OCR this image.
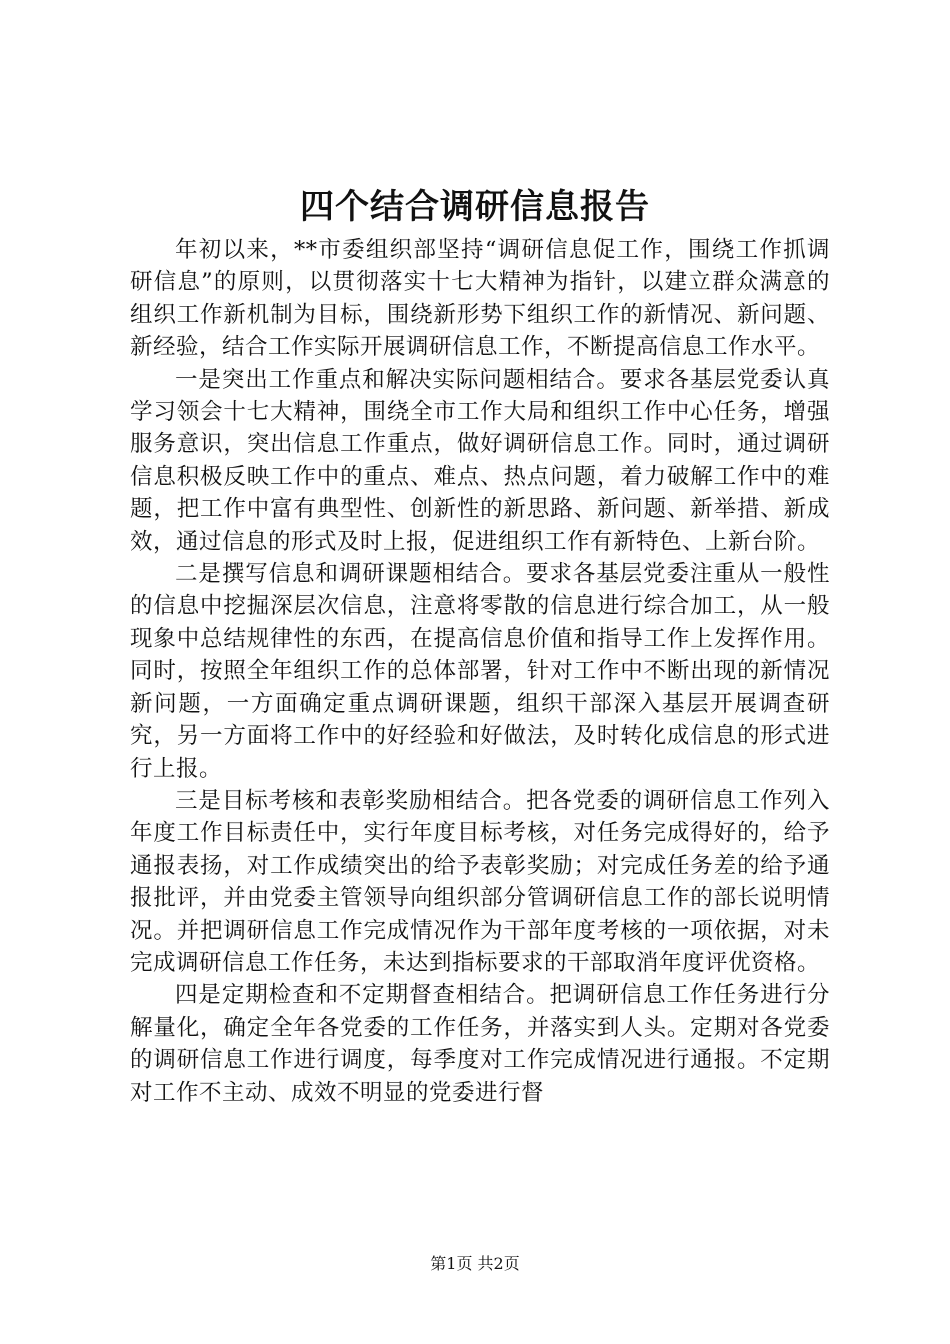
四个结合调研信息报告

年初以来，**市委组织部坚持“调研信息促工作，围绕工作抓调研信息”的原则，以贯彻落实十七大精神为指针，以建立群众满意的组织工作新机制为目标，围绕新形势下组织工作的新情况、新问题、新经验，结合工作实际开展调研信息工作，不断提高信息工作水平。

一是突出工作重点和解决实际问题相结合。要求各基层党委认真学习领会十七大精神，围绕全市工作大局和组织工作中心任务，增强服务意识，突出信息工作重点，做好调研信息工作。同时，通过调研信息积极反映工作中的重点、难点、热点问题，着力破解工作中的难题，把工作中富有典型性、创新性的新思路、新问题、新举措、新成效，通过信息的形式及时上报，促进组织工作有新特色、上新台阶。

二是撰写信息和调研课题相结合。要求各基层党委注重从一般性的信息中挖掘深层次信息，注意将零散的信息进行综合加工，从一般现象中总结规律性的东西，在提高信息价值和指导工作上发挥作用。同时，按照全年组织工作的总体部署，针对工作中不断出现的新情况新问题，一方面确定重点调研课题，组织干部深入基层开展调查研究，另一方面将工作中的好经验和好做法，及时转化成信息的形式进行上报。

三是目标考核和表彰奖励相结合。把各党委的调研信息工作列入年度工作目标责任中，实行年度目标考核，对任务完成得好的，给予通报表扬，对工作成绩突出的给予表彰奖励；对完成任务差的给予通报批评，并由党委主管领导向组织部分管调研信息工作的部长说明情况。并把调研信息工作完成情况作为干部年度考核的一项依据，对未完成调研信息工作任务，未达到指标要求的干部取消年度评优资格。

四是定期检查和不定期督查相结合。把调研信息工作任务进行分解量化，确定全年各党委的工作任务，并落实到人头。定期对各党委的调研信息工作进行调度，每季度对工作完成情况进行通报。不定期对工作不主动、成效不明显的党委进行督

第1页 共2页
